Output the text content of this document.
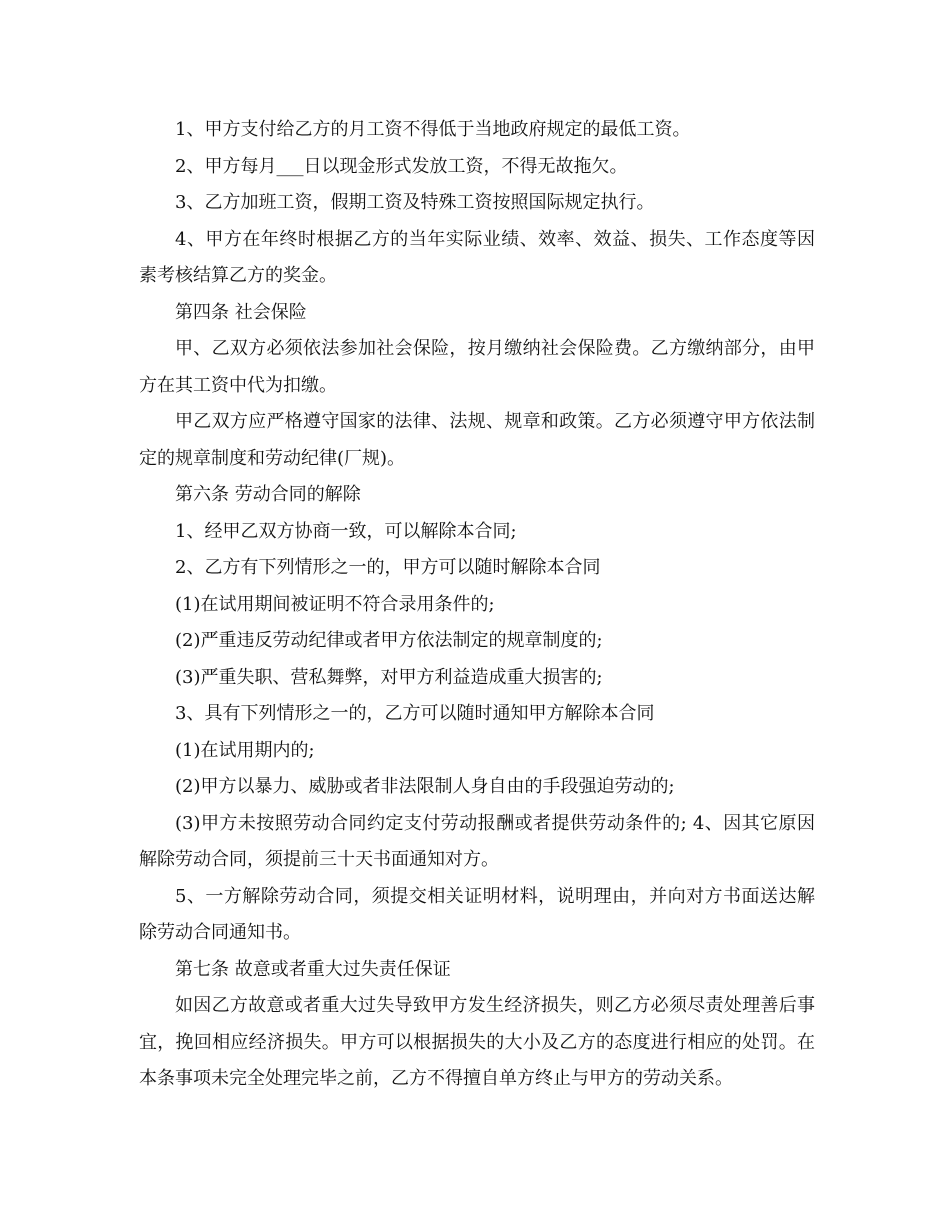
1、甲方支付给乙方的月工资不得低于当地政府规定的最低工资。

2、甲方每月___日以现金形式发放工资，不得无故拖欠。

3、乙方加班工资，假期工资及特殊工资按照国际规定执行。

4、甲方在年终时根据乙方的当年实际业绩、效率、效益、损失、工作态度等因素考核结算乙方的奖金。

第四条 社会保险

甲、乙双方必须依法参加社会保险，按月缴纳社会保险费。乙方缴纳部分，由甲方在其工资中代为扣缴。

甲乙双方应严格遵守国家的法律、法规、规章和政策。乙方必须遵守甲方依法制定的规章制度和劳动纪律(厂规)。

第六条 劳动合同的解除

1、经甲乙双方协商一致，可以解除本合同;

2、乙方有下列情形之一的，甲方可以随时解除本合同

(1)在试用期间被证明不符合录用条件的;

(2)严重违反劳动纪律或者甲方依法制定的规章制度的;

(3)严重失职、营私舞弊，对甲方利益造成重大损害的;

3、具有下列情形之一的，乙方可以随时通知甲方解除本合同

(1)在试用期内的;

(2)甲方以暴力、威胁或者非法限制人身自由的手段强迫劳动的;

(3)甲方未按照劳动合同约定支付劳动报酬或者提供劳动条件的; 4、因其它原因解除劳动合同，须提前三十天书面通知对方。

5、一方解除劳动合同，须提交相关证明材料，说明理由，并向对方书面送达解除劳动合同通知书。

第七条 故意或者重大过失责任保证

如因乙方故意或者重大过失导致甲方发生经济损失，则乙方必须尽责处理善后事宜，挽回相应经济损失。甲方可以根据损失的大小及乙方的态度进行相应的处罚。在本条事项未完全处理完毕之前，乙方不得擅自单方终止与甲方的劳动关系。
